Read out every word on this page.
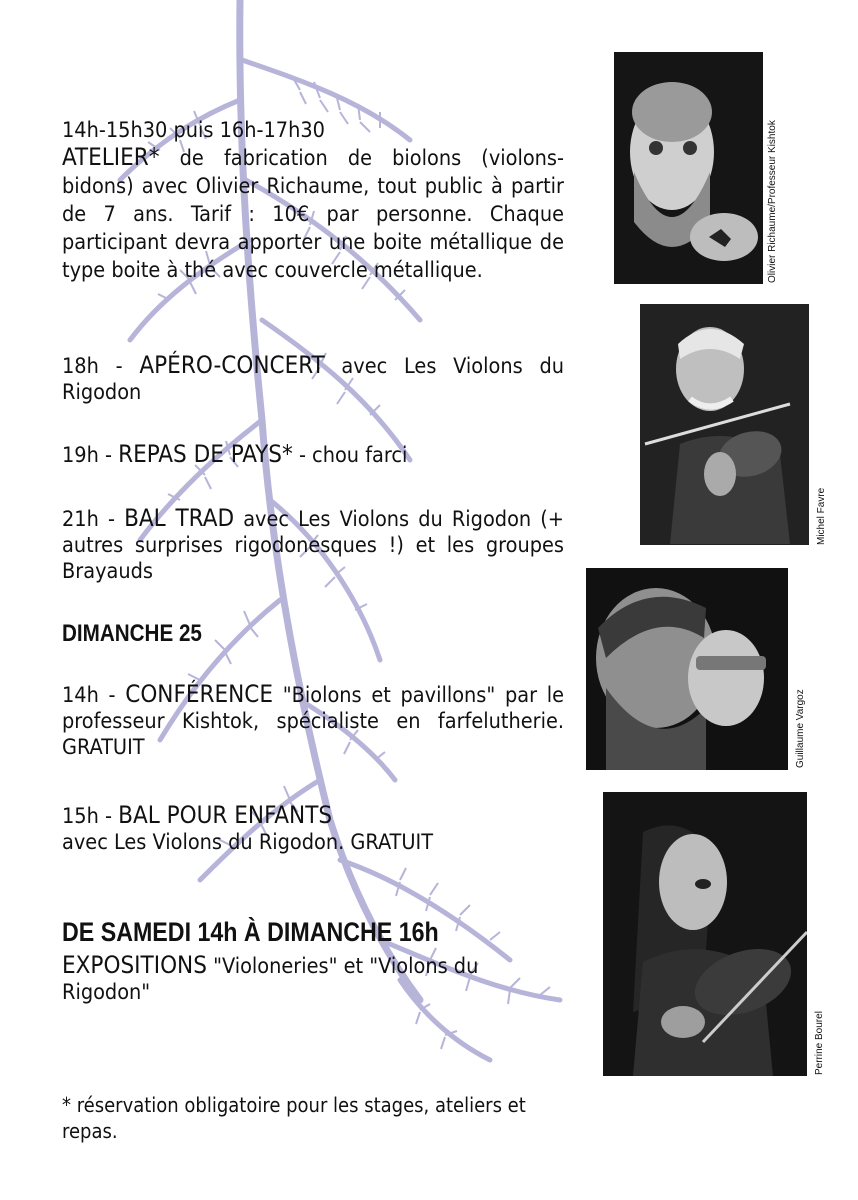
14h-15h30 puis 16h-17h30

ATELIER* de fabrication de biolons (violons-bidons) avec Olivier Richaume, tout public à partir de 7 ans. Tarif : 10€ par personne. Chaque participant devra apporter une boite métallique de type boite à thé avec couvercle métallique.

18h - APÉRO-CONCERT avec Les Violons du Rigodon

19h - REPAS DE PAYS* - chou farci

21h - BAL TRAD avec Les Violons du Rigodon (+ autres surprises rigodonesques !) et les groupes Brayauds

DIMANCHE 25

14h - CONFÉRENCE "Biolons et pavillons" par le professeur Kishtok, spécialiste en farfelutherie. GRATUIT

15h - BAL POUR ENFANTS

avec Les Violons du Rigodon. GRATUIT

DE SAMEDI 14h À DIMANCHE 16h

EXPOSITIONS "Violoneries" et "Violons du Rigodon"

* réservation obligatoire pour les stages, ateliers et repas.

Olivier Richaume/Professeur Kishtok
Michel Favre
Guillaume Vargoz
Perrine Bourel
